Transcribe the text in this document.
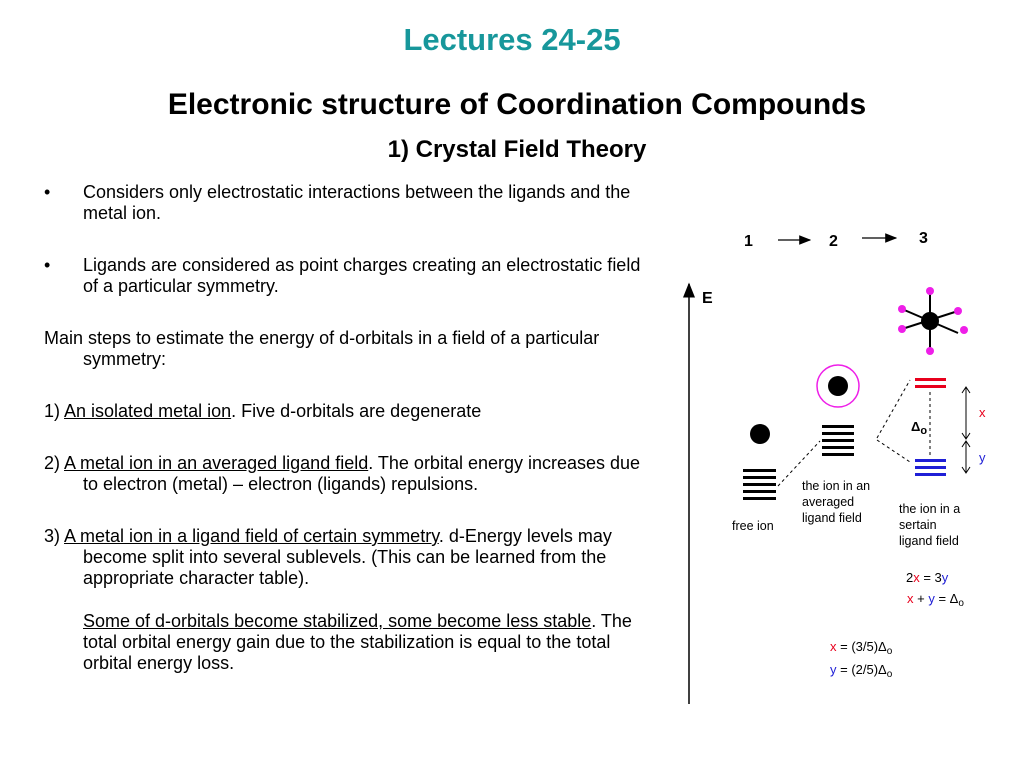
Lectures 24-25
Electronic structure of Coordination Compounds
1) Crystal Field Theory
• Considers only electrostatic interactions between the ligands and the metal ion.
• Ligands are considered as point charges creating an electrostatic field of a particular symmetry.
Main steps to estimate the energy of d-orbitals in a field of a particular symmetry:
1) An isolated metal ion. Five d-orbitals are degenerate
2) A metal ion in an averaged ligand field. The orbital energy increases due to electron (metal) – electron (ligands) repulsions.
3) A metal ion in a ligand field of certain symmetry. d-Energy levels may become split into several sublevels. (This can be learned from the appropriate character table).
Some of d-orbitals become stabilized, some become less stable. The total orbital energy gain due to the stabilization is equal to the total orbital energy loss.
1	2	3
E
free ion
the ion in an averaged ligand field
$\Delta_o$
x
y
the ion in a sertain ligand field
2x = 3y
$x + y = \Delta_o$
$x = (3/5)\Delta_o$
$y = (2/5)\Delta_o$
